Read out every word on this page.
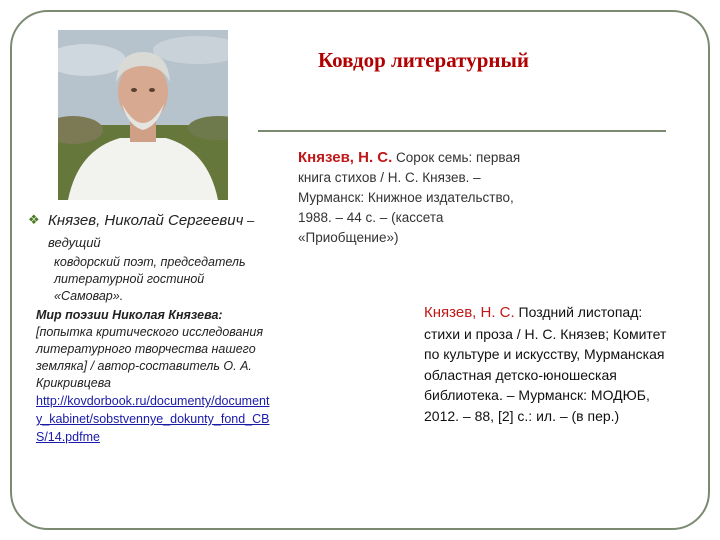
Ковдор литературный
❖ Князев, Николай Сергеевич – ведущий
ковдорский поэт, председатель литературной гостиной «Самовар».
Мир поэзии Николая Князева: [попытка критического исследования литературного творчества нашего земляка] / автор-составитель О. А. Крикривцева
http://kovdorbook.ru/documenty/documenty_kabinet/sobstvennye_dokunty_fond_CBS/14.pdfme
Князев, Н. С. Сорок семь: первая книга стихов / Н. С. Князев. – Мурманск: Книжное издательство, 1988. – 44 с. – (кассета «Приобщение»)
Князев, Н. С. Поздний листопад: стихи и проза / Н. С. Князев; Комитет по культуре и искусству, Мурманская областная детско-юношеская библиотека. – Мурманск: МОДЮБ, 2012. – 88, [2] с.: ил. – (в пер.)
